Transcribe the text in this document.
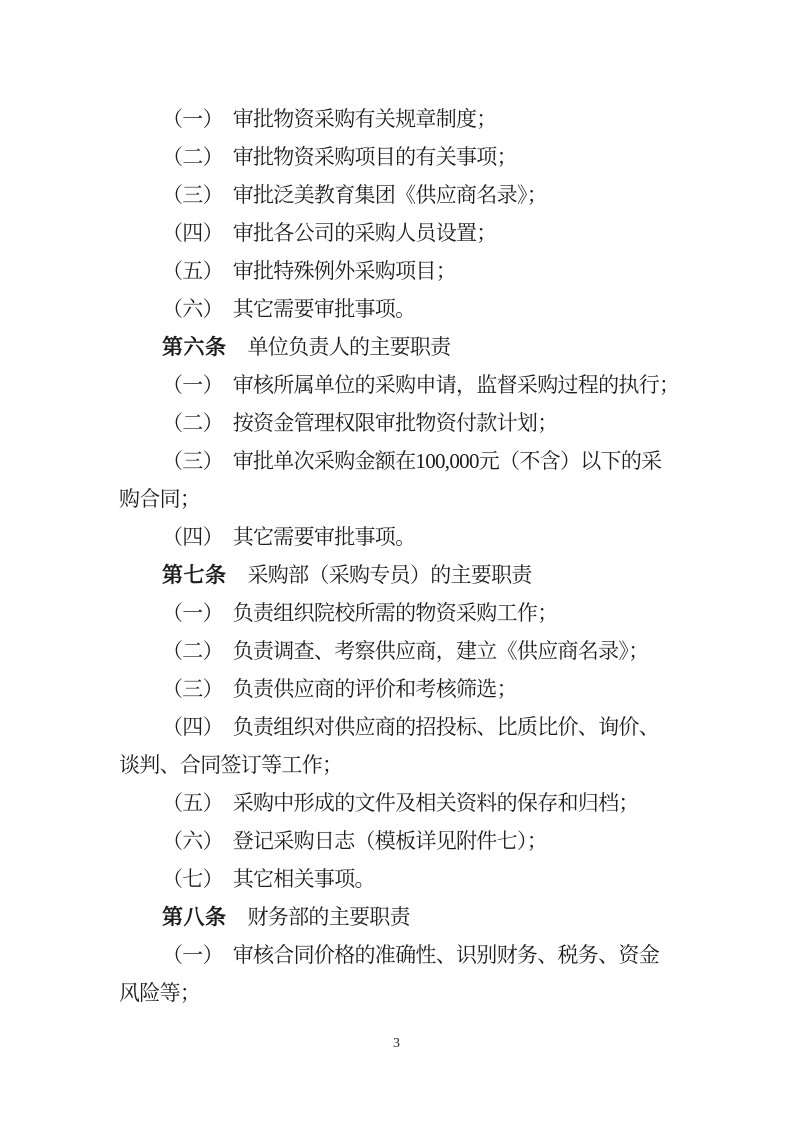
（一）　审批物资采购有关规章制度；
（二）　审批物资采购项目的有关事项；
（三）　审批泛美教育集团《供应商名录》；
（四）　审批各公司的采购人员设置；
（五）　审批特殊例外采购项目；
（六）　其它需要审批事项。
第六条 单位负责人的主要职责
（一）　审核所属单位的采购申请，监督采购过程的执行；
（二）　按资金管理权限审批物资付款计划；
（三）　审批单次采购金额在100,000元（不含）以下的采
购合同；
（四）　其它需要审批事项。
第七条 采购部（采购专员）的主要职责
（一）　负责组织院校所需的物资采购工作；
（二）　负责调查、考察供应商，建立《供应商名录》；
（三）　负责供应商的评价和考核筛选；
（四）　负责组织对供应商的招投标、比质比价、询价、
谈判、合同签订等工作；
（五）　采购中形成的文件及相关资料的保存和归档；
（六）　登记采购日志（模板详见附件七）；
（七）　其它相关事项。
第八条 财务部的主要职责
（一）　审核合同价格的准确性、识别财务、税务、资金
风险等；
3
